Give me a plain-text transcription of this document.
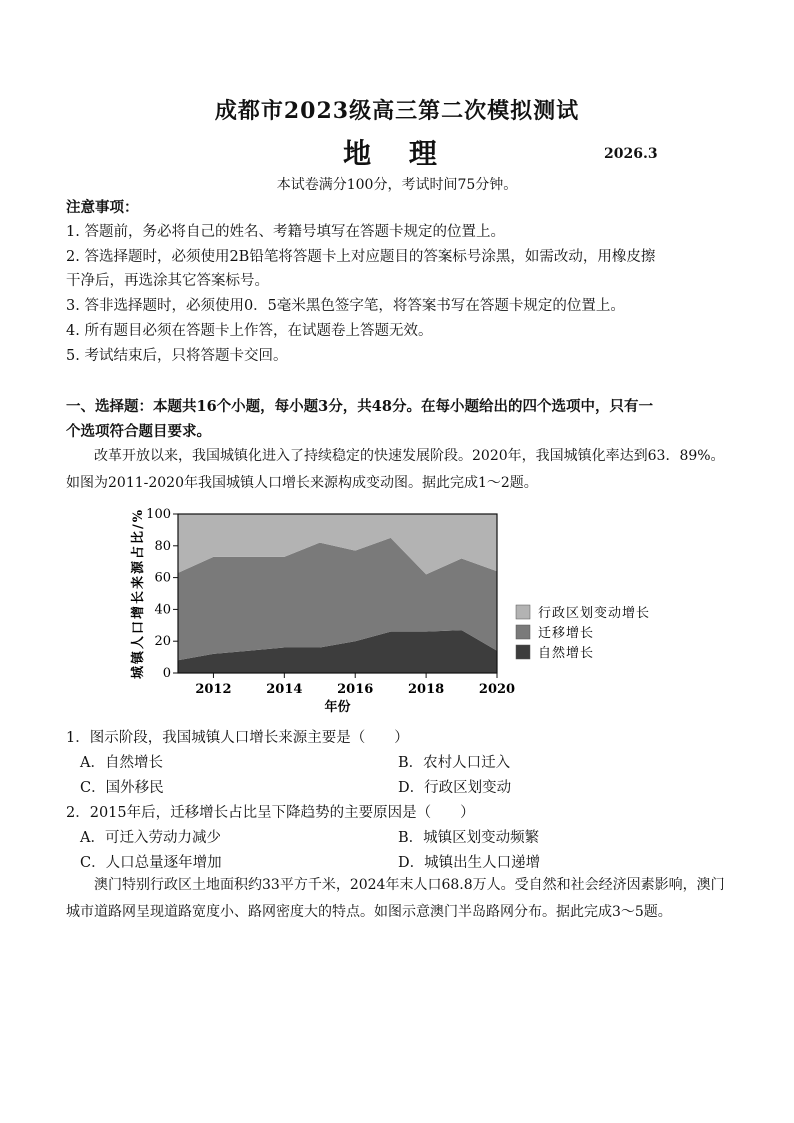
成都市2023级高三第二次模拟测试
地 理	2026.3
本试卷满分100分，考试时间75分钟。
注意事项：
1. 答题前，务必将自己的姓名、考籍号填写在答题卡规定的位置上。
2. 答选择题时，必须使用2B铅笔将答题卡上对应题目的答案标号涂黑，如需改动，用橡皮擦
干净后，再选涂其它答案标号。
3. 答非选择题时，必须使用0．5毫米黑色签字笔，将答案书写在答题卡规定的位置上。
4. 所有题目必须在答题卡上作答，在试题卷上答题无效。
5. 考试结束后，只将答题卡交回。
一、选择题：本题共16个小题，每小题3分，共48分。在每小题给出的四个选项中，只有一
个选项符合题目要求。
改革开放以来，我国城镇化进入了持续稳定的快速发展阶段。2020年，我国城镇化率达到63．89%。如图为2011-2020年我国城镇人口增长来源构成变动图。据此完成1～2题。
0
20
40
60
80
100
2012	2014	2016	2018	2020
年份
城镇人口增长来源占比/%	行政区划变动增长
迁移增长
自然增长
1．图示阶段，我国城镇人口增长来源主要是（　　）
A．自然增长	B．农村人口迁入
C．国外移民	D．行政区划变动
2．2015年后，迁移增长占比呈下降趋势的主要原因是（　　）
A．可迁入劳动力减少	B．城镇区划变动频繁
C．人口总量逐年增加	D．城镇出生人口递增
澳门特别行政区土地面积约33平方千米，2024年末人口68.8万人。受自然和社会经济因素影响，澳门城市道路网呈现道路宽度小、路网密度大的特点。如图示意澳门半岛路网分布。据此完成3～5题。
